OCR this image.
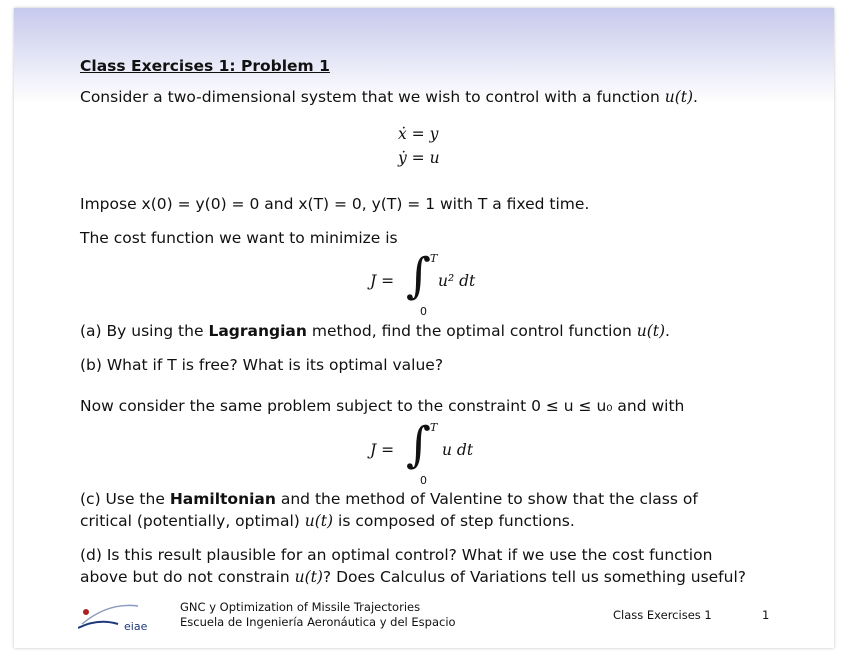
Class Exercises 1: Problem 1
Consider a two-dimensional system that we wish to control with a function u(t).
ẋ = y
ẏ = u
Impose x(0) = y(0) = 0 and x(T) = 0, y(T) = 1 with T a fixed time.
The cost function we want to minimize is
J = ∫
T
0
u² dt
(a) By using the Lagrangian method, find the optimal control function u(t).
(b) What if T is free? What is its optimal value?
Now consider the same problem subject to the constraint 0 ≤ u ≤ u₀ and with
J = ∫
T
0
u dt
(c) Use the Hamiltonian and the method of Valentine to show that the class of
critical (potentially, optimal) u(t) is composed of step functions.
(d) Is this result plausible for an optimal control? What if we use the cost function
above but do not constrain u(t)? Does Calculus of Variations tell us something useful?
eiae
GNC y Optimization of Missile Trajectories
Escuela de Ingeniería Aeronáutica y del Espacio	Class Exercises 1	1
